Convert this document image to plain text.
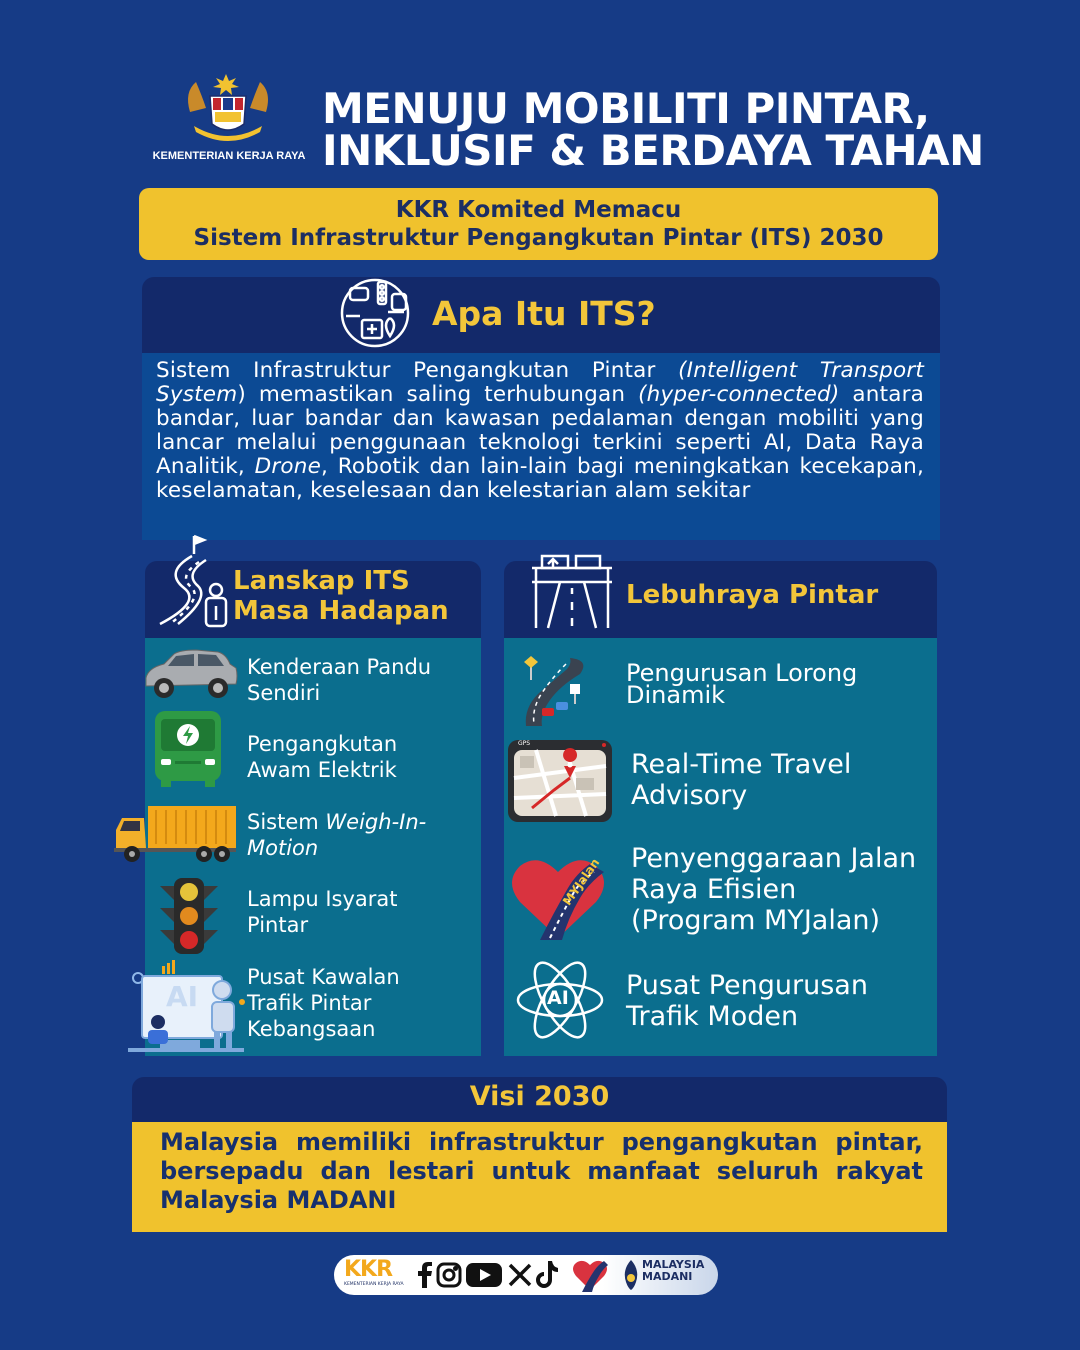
KEMENTERIAN KERJA RAYA
MENUJU MOBILITI PINTAR,
INKLUSIF & BERDAYA TAHAN
KKR Komited Memacu
Sistem Infrastruktur Pengangkutan Pintar (ITS) 2030
Apa Itu ITS?

Sistem Infrastruktur Pengangkutan Pintar (Intelligent Transport System) memastikan saling terhubungan (hyper-connected) antara bandar, luar bandar dan kawasan pedalaman dengan mobiliti yang lancar melalui penggunaan teknologi terkini seperti AI, Data Raya Analitik, Drone, Robotik dan lain-lain bagi meningkatkan kecekapan, keselamatan, keselesaan dan kelestarian alam sekitar

Lanskap ITS
Masa Hadapan
Kenderaan Pandu
Sendiri
Pengangkutan
Awam Elektrik
Sistem Weigh-In-
Motion
Lampu Isyarat
Pintar
AI
Pusat Kawalan
Trafik Pintar
Kebangsaan
Lebuhraya Pintar
Pengurusan Lorong
Dinamik
GPS
Real-Time Travel
Advisory
MYJalan Penyenggaraan Jalan
Raya Efisien
(Program MYJalan)
AI Pusat Pengurusan
Trafik Moden
Visi 2030

Malaysia memiliki infrastruktur pengangkutan pintar, bersepadu dan lestari untuk manfaat seluruh rakyat Malaysia MADANI

KKR
KEMENTERIAN KERJA RAYA
MALAYSIA
MADANI
